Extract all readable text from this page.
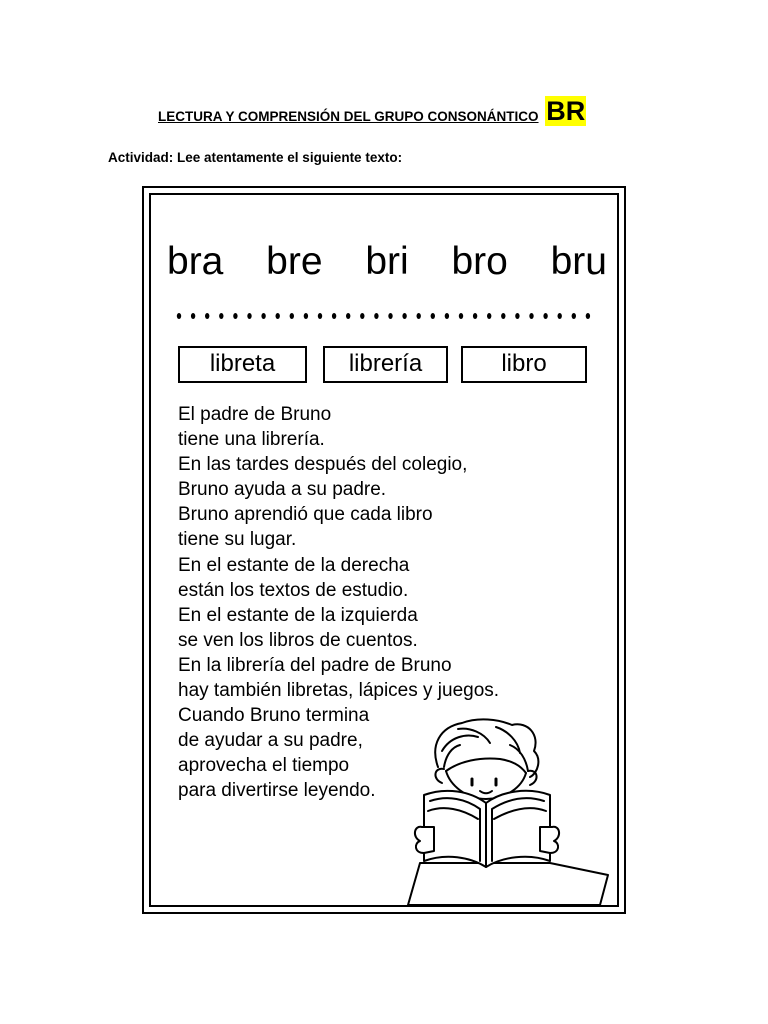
LECTURA Y COMPRENSIÓN DEL GRUPO CONSONÁNTICO BR
Actividad: Lee atentamente el siguiente texto:
bra bre bri bro bru
libreta	librería	libro
El padre de Bruno
tiene una librería.
En las tardes después del colegio,
Bruno ayuda a su padre.
Bruno aprendió que cada libro
tiene su lugar.
En el estante de la derecha
están los textos de estudio.
En el estante de la izquierda
se ven los libros de cuentos.
En la librería del padre de Bruno
hay también libretas, lápices y juegos.
Cuando Bruno termina
de ayudar a su padre,
aprovecha el tiempo
para divertirse leyendo.
